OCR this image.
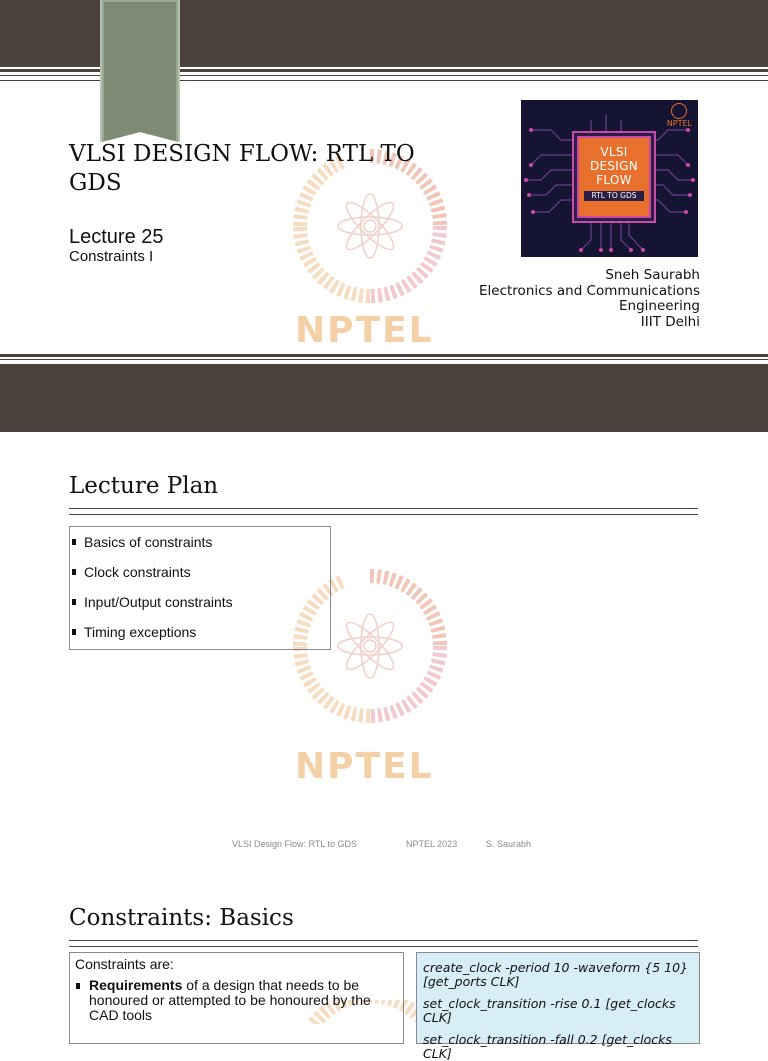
NPTEL
VLSI DESIGN FLOW: RTL TO GDS
Lecture 25
Constraints I
VLSI
DESIGN
FLOW
RTL TO GDS
NPTEL
Sneh Saurabh
Electronics and Communications
Engineering
IIIT Delhi
Lecture Plan
NPTEL
Basics of constraints
Clock constraints
Input/Output constraints
Timing exceptions
VLSI Design Flow: RTL to GDS	NPTEL 2023	S. Saurabh
Constraints: Basics
Constraints are:
Requirements of a design that needs to be honoured or attempted to be honoured by the CAD tools
create_clock -period 10 -waveform {5 10} [get_ports CLK]
set_clock_transition -rise 0.1 [get_clocks CLK]
set_clock_transition -fall 0.2 [get_clocks CLK]
